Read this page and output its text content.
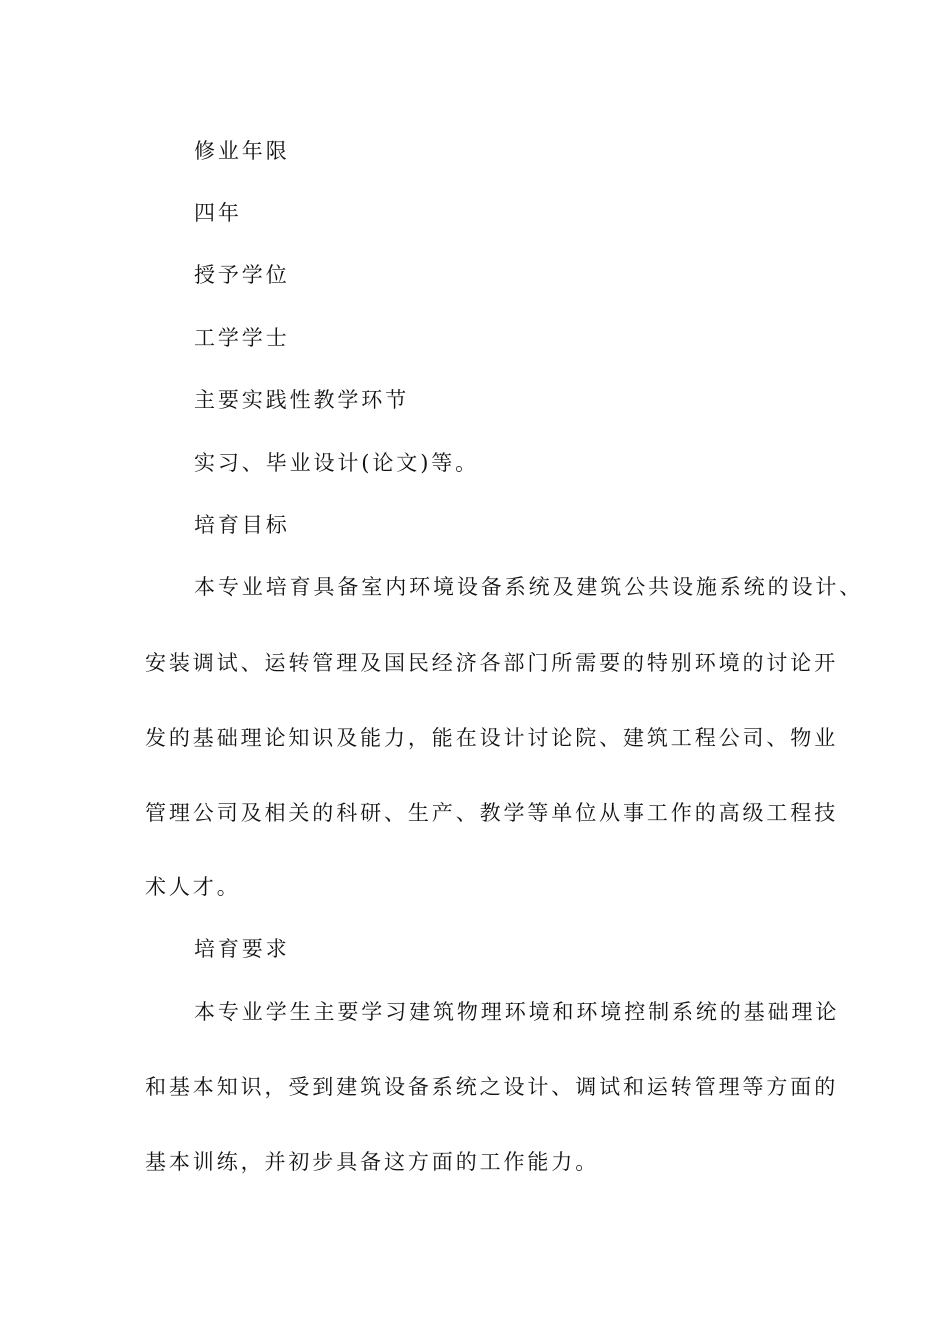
修业年限
四年
授予学位
工学学士
主要实践性教学环节
实习、毕业设计(论文)等。
培育目标
本专业培育具备室内环境设备系统及建筑公共设施系统的设计、
安装调试、运转管理及国民经济各部门所需要的特别环境的讨论开
发的基础理论知识及能力，能在设计讨论院、建筑工程公司、物业
管理公司及相关的科研、生产、教学等单位从事工作的高级工程技
术人才。
培育要求
本专业学生主要学习建筑物理环境和环境控制系统的基础理论
和基本知识，受到建筑设备系统之设计、调试和运转管理等方面的
基本训练，并初步具备这方面的工作能力。
